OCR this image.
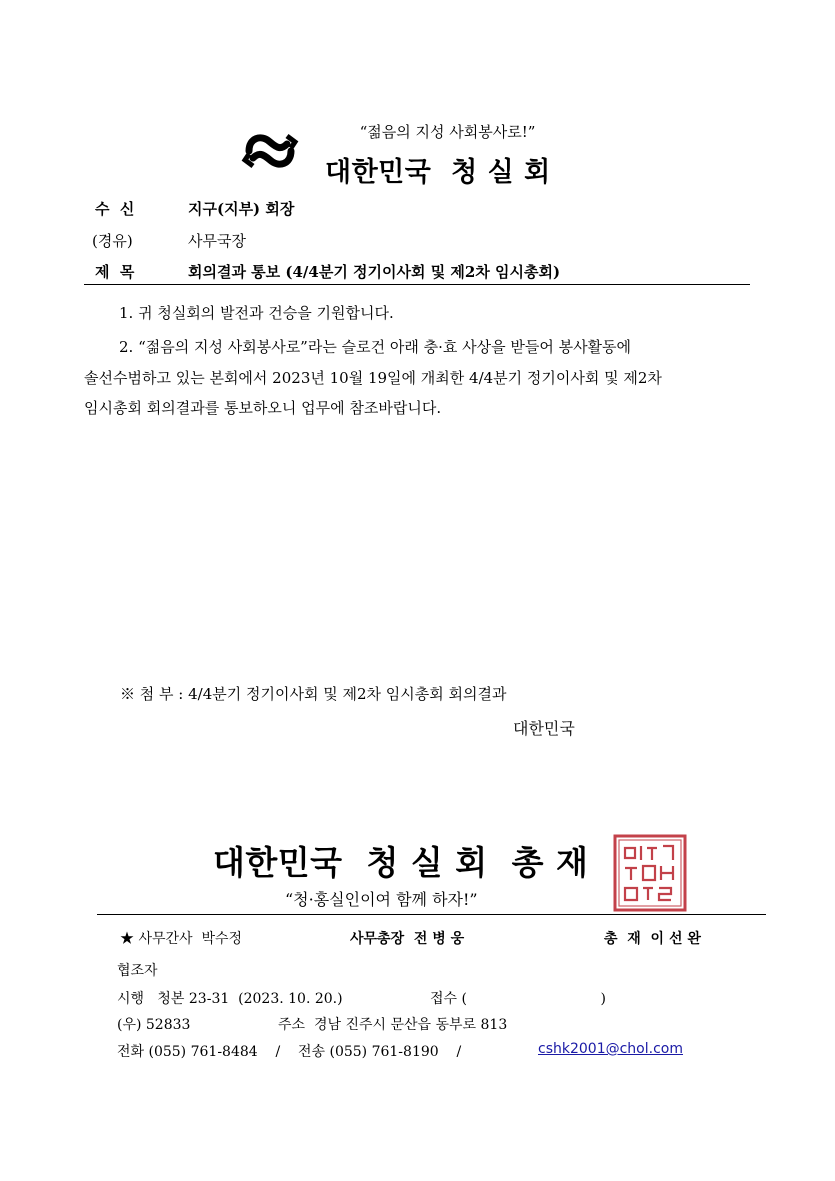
“젊음의 지성 사회봉사로!”
대한민국  청 실 회
수  신	지구(지부) 회장
(경유)	사무국장
제  목	회의결과 통보 (4/4분기 정기이사회 및 제2차 임시총회)
1. 귀 청실회의 발전과 건승을 기원합니다.
2. “젊음의 지성 사회봉사로”라는 슬로건 아래 충·효 사상을 받들어 봉사활동에
솔선수범하고 있는 본회에서 2023년 10월 19일에 개최한 4/4분기 정기이사회 및 제2차
임시총회 회의결과를 통보하오니 업무에 참조바랍니다.
※ 첨 부 : 4/4분기 정기이사회 및 제2차 임시총회 회의결과
대한민국  청 실 회  총 재
“청·홍실인이여 함께 하자!”
대한민국
★ 사무간사  박수정	사무총장  전 병 웅	총  재  이 선 완
협조자
시행   청본 23-31  (2023. 10. 20.)	접수 (                              )
(우) 52833	주소  경남 진주시 문산읍 동부로 813
전화 (055) 761-8484    /    전송 (055) 761-8190    /	cshk2001@chol.com
